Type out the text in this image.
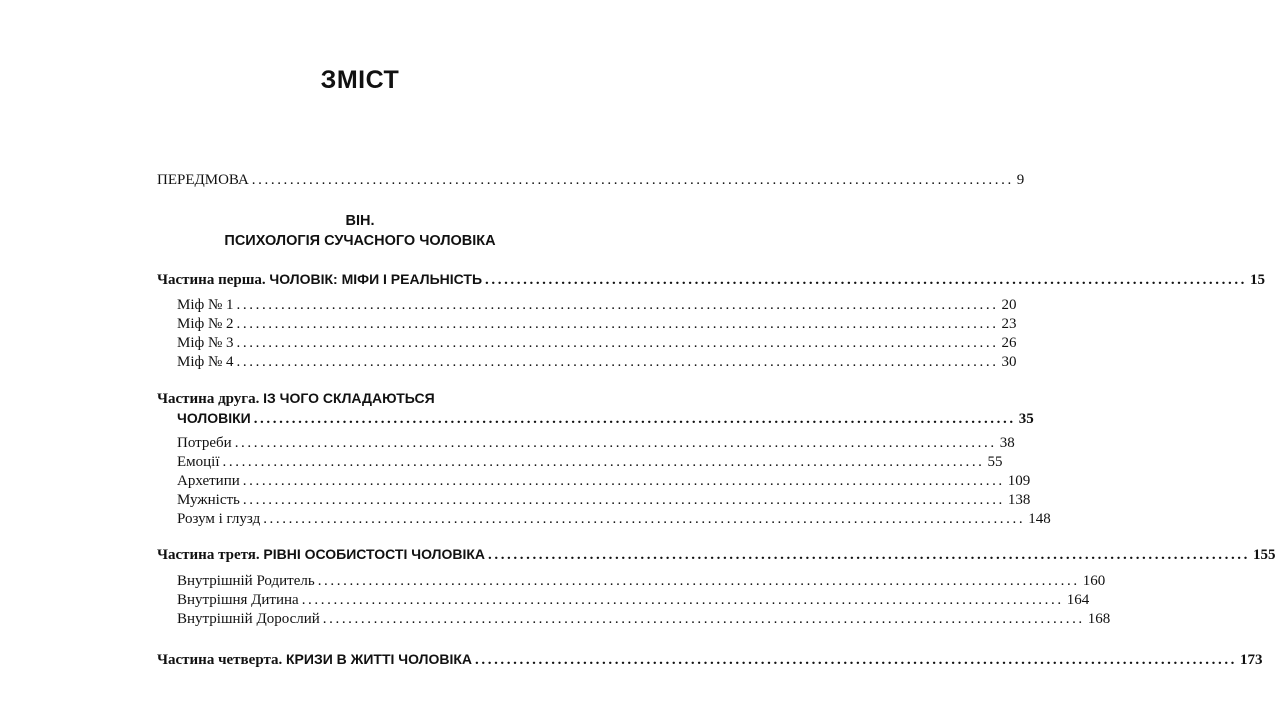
ЗМІСТ
ПЕРЕДМОВА ........................................................................................................................ 9
ВІН.
ПСИХОЛОГІЯ СУЧАСНОГО ЧОЛОВІКА
Частина перша.
ЧОЛОВІК: МІФИ І РЕАЛЬНІСТЬ ........................................................................................................................ 15
Міф № 1 ........................................................................................................................ 20
Міф № 2 ........................................................................................................................ 23
Міф № 3 ........................................................................................................................ 26
Міф № 4 ........................................................................................................................ 30
Частина друга. ІЗ ЧОГО СКЛАДАЮТЬСЯ
ЧОЛОВІКИ ........................................................................................................................ 35
Потреби ........................................................................................................................ 38
Емоції ........................................................................................................................ 55
Архетипи ........................................................................................................................ 109
Мужність ........................................................................................................................ 138
Розум і глузд ........................................................................................................................ 148
Частина третя.
РІВНІ ОСОБИСТОСТІ ЧОЛОВІКА ........................................................................................................................ 155
Внутрішній Родитель ........................................................................................................................ 160
Внутрішня Дитина ........................................................................................................................ 164
Внутрішній Дорослий ........................................................................................................................ 168
Частина четверта.
КРИЗИ В ЖИТТІ ЧОЛОВІКА ........................................................................................................................ 173
